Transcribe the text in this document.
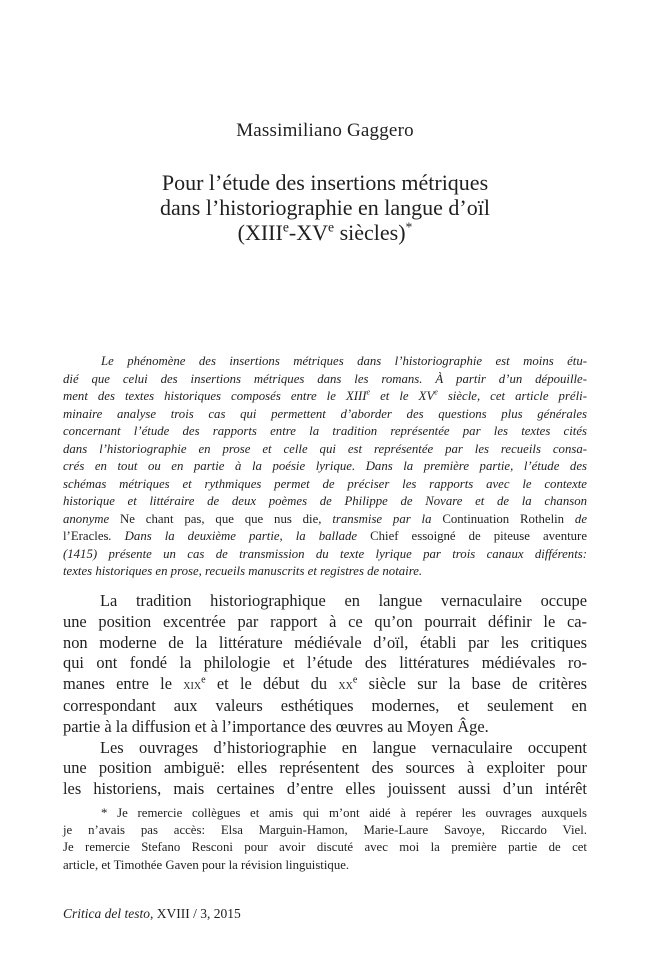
Massimiliano Gaggero
Pour l’étude des insertions métriques
dans l’historiographie en langue d’oïl
(XIIIe-XVe siècles)*
Le phénomène des insertions métriques dans l’historiographie est moins étu-
dié que celui des insertions métriques dans les romans. À partir d’un dépouille-
ment des textes historiques composés entre le XIIIe et le XVe siècle, cet article préli-
minaire analyse trois cas qui permettent d’aborder des questions plus générales
concernant l’étude des rapports entre la tradition représentée par les textes cités
dans l’historiographie en prose et celle qui est représentée par les recueils consa-
crés en tout ou en partie à la poésie lyrique. Dans la première partie, l’étude des
schémas métriques et rythmiques permet de préciser les rapports avec le contexte
historique et littéraire de deux poèmes de Philippe de Novare et de la chanson
anonyme Ne chant pas, que que nus die, transmise par la Continuation Rothelin de
l’Eracles. Dans la deuxième partie, la ballade Chief essoigné de piteuse aventure
(1415) présente un cas de transmission du texte lyrique par trois canaux différents:
textes historiques en prose, recueils manuscrits et registres de notaire.
La tradition historiographique en langue vernaculaire occupe
une position excentrée par rapport à ce qu’on pourrait définir le ca-
non moderne de la littérature médiévale d’oïl, établi par les critiques
qui ont fondé la philologie et l’étude des littératures médiévales ro-
manes entre le xix$^e$ et le début du $xx^e$ siècle sur la base de critères
correspondant aux valeurs esthétiques modernes, et seulement en
partie à la diffusion et à l’importance des œuvres au Moyen Âge.
Les ouvrages d’historiographie en langue vernaculaire occupent
une position ambiguë: elles représentent des sources à exploiter pour
les historiens, mais certaines d’entre elles jouissent aussi d’un intérêt
* Je remercie collègues et amis qui m’ont aidé à repérer les ouvrages auxquels
je n’avais pas accès: Elsa Marguin-Hamon, Marie-Laure Savoye, Riccardo Viel.
Je remercie Stefano Resconi pour avoir discuté avec moi la première partie de cet
article, et Timothée Gaven pour la révision linguistique.
Critica del testo, XVIII / 3, 2015
